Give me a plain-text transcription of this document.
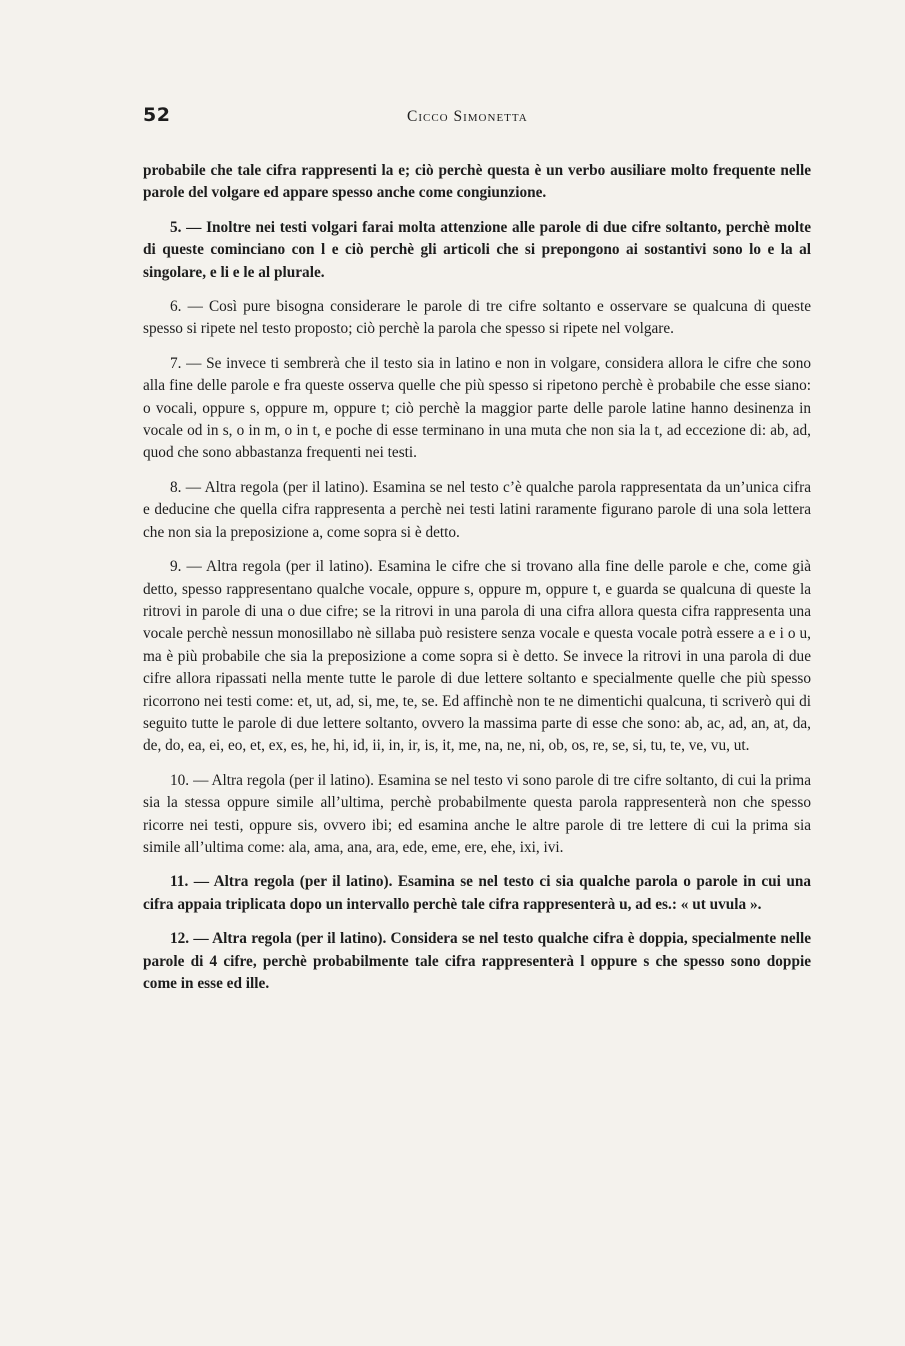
52	Cicco Simonetta

probabile che tale cifra rappresenti la e; ciò perchè questa è un verbo ausiliare molto frequente nelle parole del volgare ed appare spesso anche come congiunzione.

5. — Inoltre nei testi volgari farai molta attenzione alle parole di due cifre soltanto, perchè molte di queste cominciano con l e ciò perchè gli articoli che si prepongono ai sostantivi sono lo e la al singolare, e li e le al plurale.

6. — Così pure bisogna considerare le parole di tre cifre soltanto e osservare se qualcuna di queste spesso si ripete nel testo proposto; ciò perchè la parola che spesso si ripete nel volgare.

7. — Se invece ti sembrerà che il testo sia in latino e non in volgare, considera allora le cifre che sono alla fine delle parole e fra queste osserva quelle che più spesso si ripetono perchè è probabile che esse siano: o vocali, oppure s, oppure m, oppure t; ciò perchè la maggior parte delle parole latine hanno desinenza in vocale od in s, o in m, o in t, e poche di esse terminano in una muta che non sia la t, ad eccezione di: ab, ad, quod che sono abbastanza frequenti nei testi.

8. — Altra regola (per il latino). Esamina se nel testo c’è qualche parola rappresentata da un’unica cifra e deducine che quella cifra rappresenta a perchè nei testi latini raramente figurano parole di una sola lettera che non sia la preposizione a, come sopra si è detto.

9. — Altra regola (per il latino). Esamina le cifre che si trovano alla fine delle parole e che, come già detto, spesso rappresentano qualche vocale, oppure s, oppure m, oppure t, e guarda se qualcuna di queste la ritrovi in parole di una o due cifre; se la ritrovi in una parola di una cifra allora questa cifra rappresenta una vocale perchè nessun monosillabo nè sillaba può resistere senza vocale e questa vocale potrà essere a e i o u, ma è più probabile che sia la preposizione a come sopra si è detto. Se invece la ritrovi in una parola di due cifre allora ripassati nella mente tutte le parole di due lettere soltanto e specialmente quelle che più spesso ricorrono nei testi come: et, ut, ad, si, me, te, se. Ed affinchè non te ne dimentichi qualcuna, ti scriverò qui di seguito tutte le parole di due lettere soltanto, ovvero la massima parte di esse che sono: ab, ac, ad, an, at, da, de, do, ea, ei, eo, et, ex, es, he, hi, id, ii, in, ir, is, it, me, na, ne, ni, ob, os, re, se, si, tu, te, ve, vu, ut.

10. — Altra regola (per il latino). Esamina se nel testo vi sono parole di tre cifre soltanto, di cui la prima sia la stessa oppure simile all’ultima, perchè probabilmente questa parola rappresenterà non che spesso ricorre nei testi, oppure sis, ovvero ibi; ed esamina anche le altre parole di tre lettere di cui la prima sia simile all’ultima come: ala, ama, ana, ara, ede, eme, ere, ehe, ixi, ivi.

11. — Altra regola (per il latino). Esamina se nel testo ci sia qualche parola o parole in cui una cifra appaia triplicata dopo un intervallo perchè tale cifra rappresenterà u, ad es.: « ut uvula ».

12. — Altra regola (per il latino). Considera se nel testo qualche cifra è doppia, specialmente nelle parole di 4 cifre, perchè probabilmente tale cifra rappresenterà l oppure s che spesso sono doppie come in esse ed ille.
